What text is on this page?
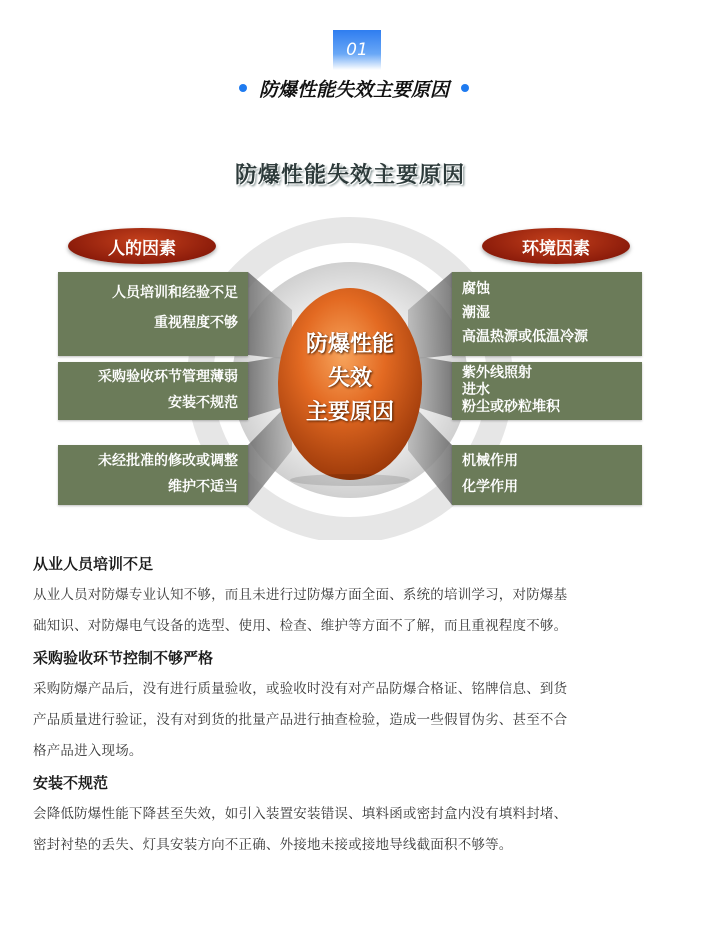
01
防爆性能失效主要原因
防爆性能失效主要原因
人的因素	环境因素
人员培训和经验不足
重视程度不够
采购验收环节管理薄弱
安装不规范
未经批准的修改或调整
维护不适当
腐蚀
潮湿
高温热源或低温冷源
紫外线照射
进水
粉尘或砂粒堆积
机械作用
化学作用
防爆性能
失效
主要原因

从业人员培训不足

从业人员对防爆专业认知不够，而且未进行过防爆方面全面、系统的培训学习，对防爆基

础知识、对防爆电气设备的选型、使用、检查、维护等方面不了解，而且重视程度不够。

采购验收环节控制不够严格

采购防爆产品后，没有进行质量验收，或验收时没有对产品防爆合格证、铭牌信息、到货

产品质量进行验证，没有对到货的批量产品进行抽查检验，造成一些假冒伪劣、甚至不合

格产品进入现场。

安装不规范

会降低防爆性能下降甚至失效，如引入装置安装错误、填料函或密封盒内没有填料封堵、

密封衬垫的丢失、灯具安装方向不正确、外接地未接或接地导线截面积不够等。
